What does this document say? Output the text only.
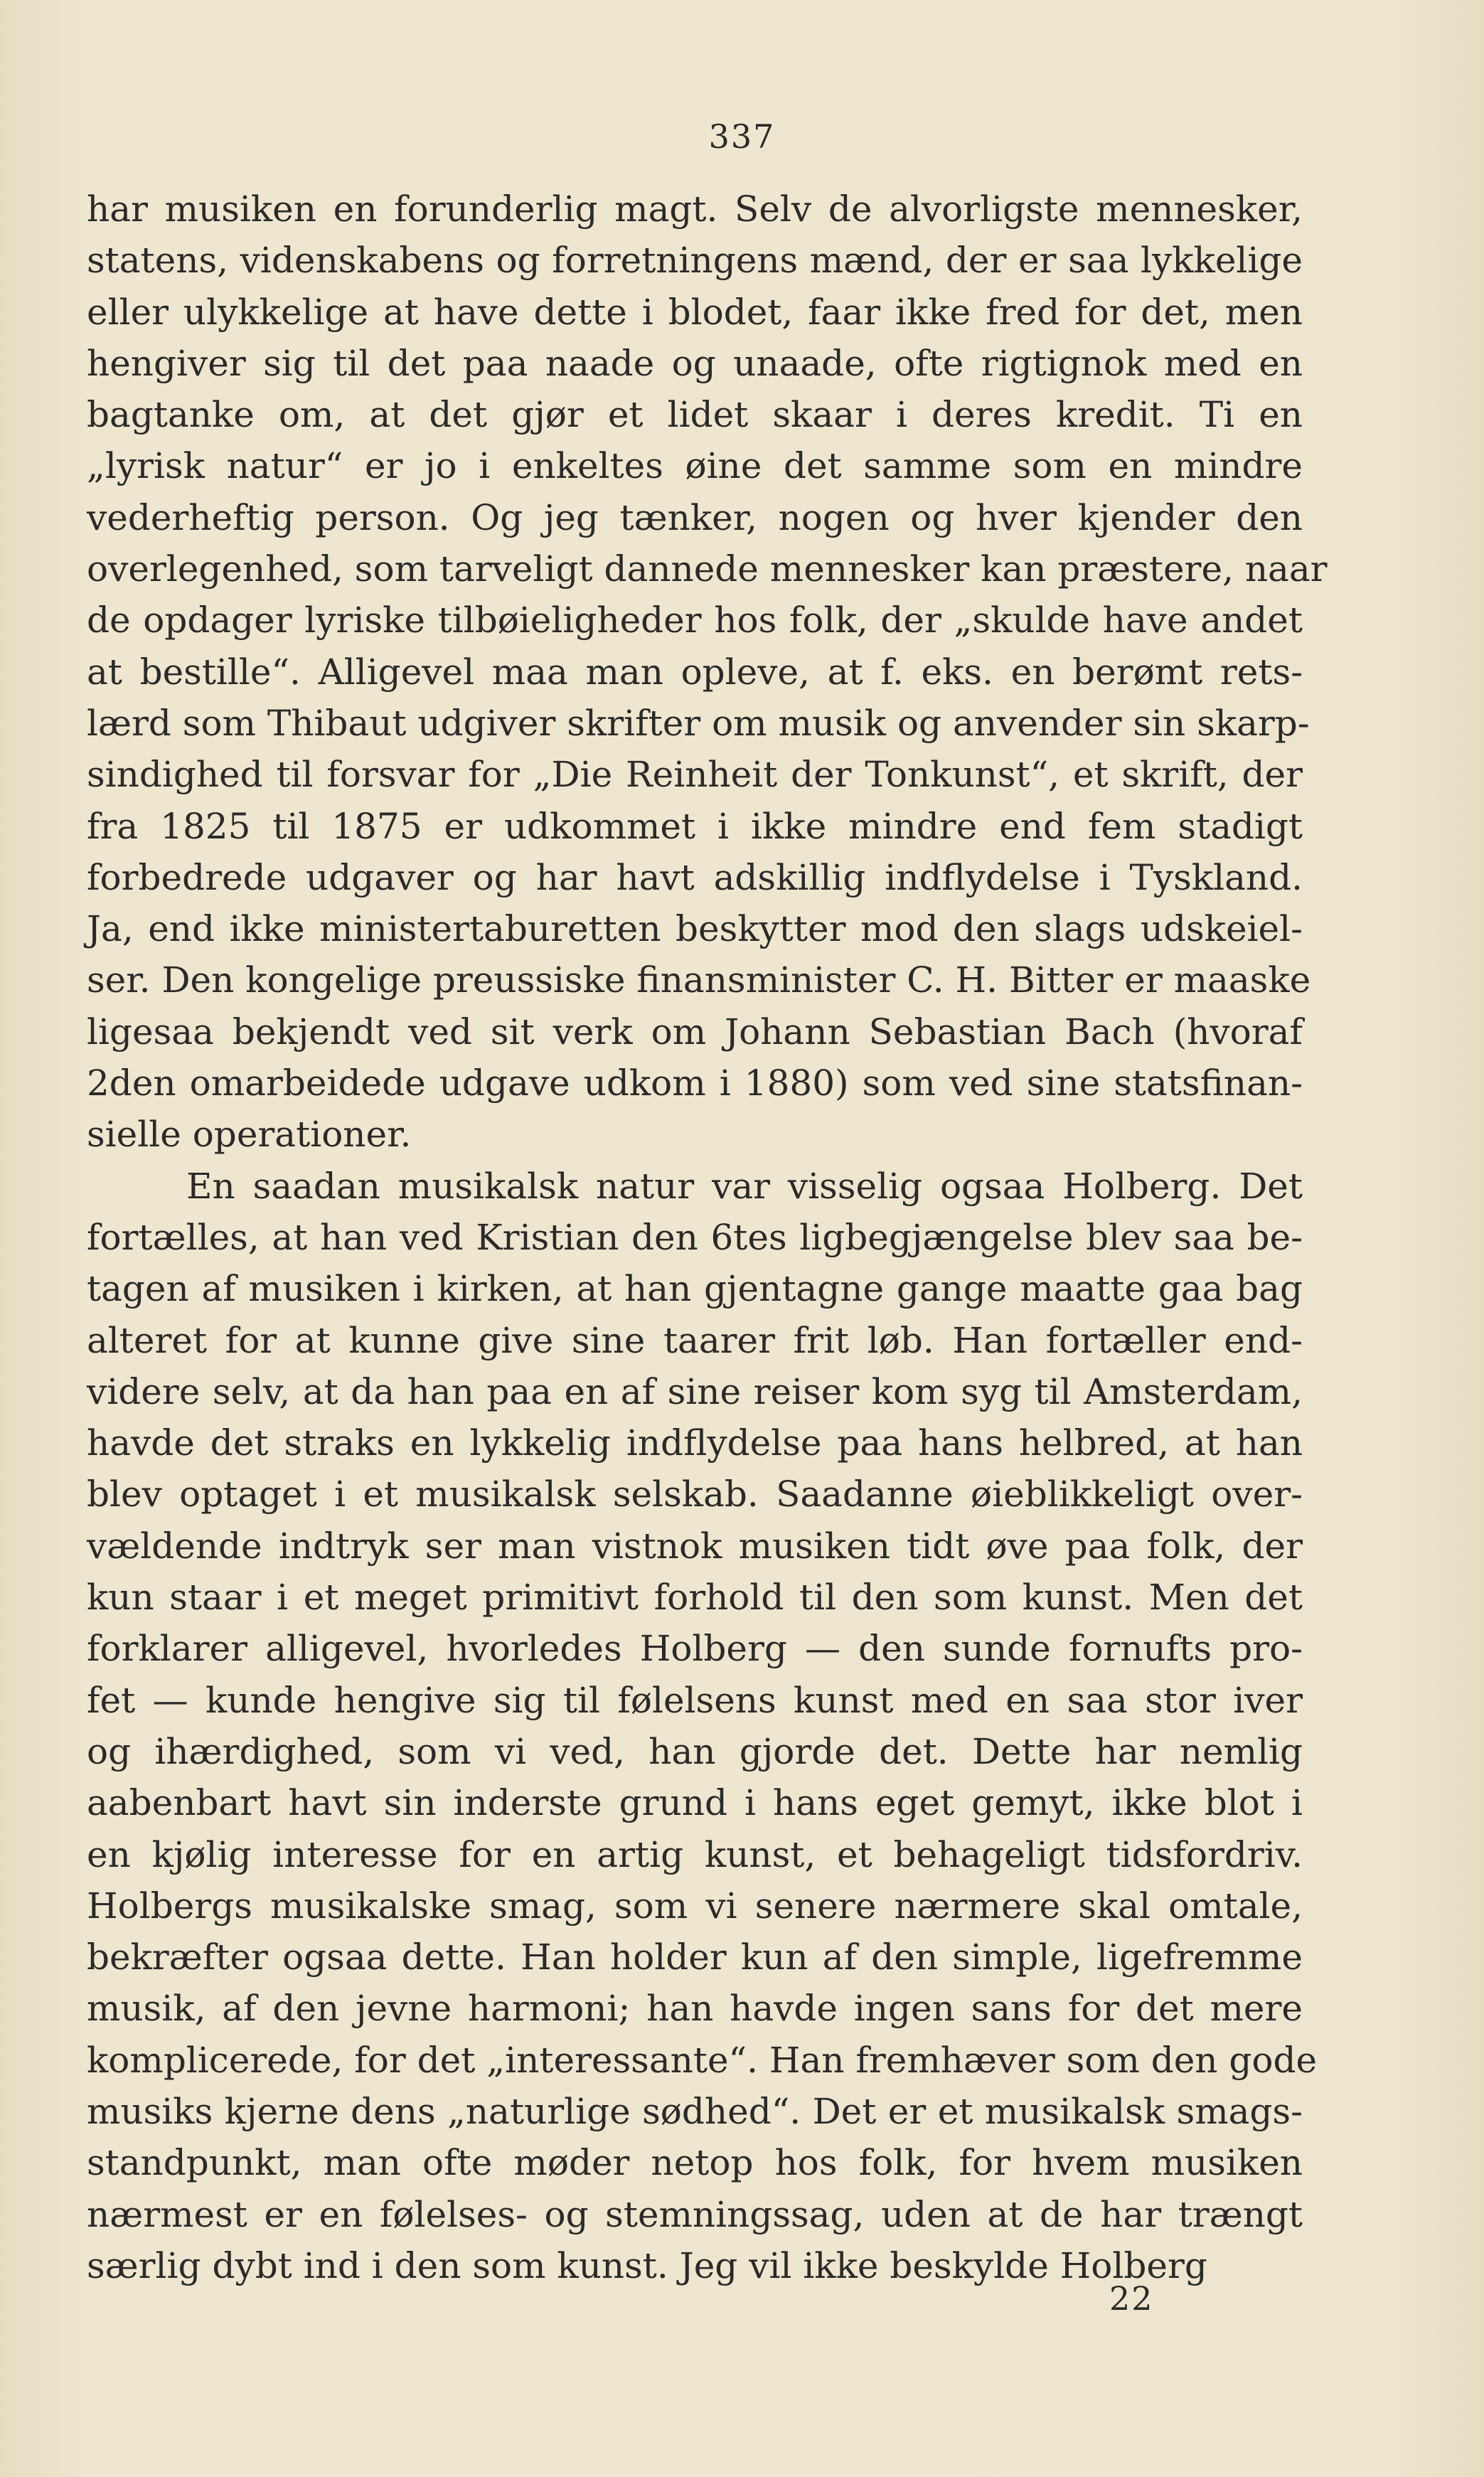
337
har musiken en forunderlig magt. Selv de alvorligste mennesker,
statens, videnskabens og forretningens mænd, der er saa lykkelige
eller ulykkelige at have dette i blodet, faar ikke fred for det, men
hengiver sig til det paa naade og unaade, ofte rigtignok med en
bagtanke om, at det gjør et lidet skaar i deres kredit. Ti en
„lyrisk natur“ er jo i enkeltes øine det samme som en mindre
vederheftig person. Og jeg tænker, nogen og hver kjender den
overlegenhed, som tarveligt dannede mennesker kan præstere, naar
de opdager lyriske tilbøieligheder hos folk, der „skulde have andet
at bestille“. Alligevel maa man opleve, at f. eks. en berømt rets-
lærd som Thibaut udgiver skrifter om musik og anvender sin skarp-
sindighed til forsvar for „Die Reinheit der Tonkunst“, et skrift, der
fra 1825 til 1875 er udkommet i ikke mindre end fem stadigt
forbedrede udgaver og har havt adskillig indflydelse i Tyskland.
Ja, end ikke ministertaburetten beskytter mod den slags udskeiel-
ser. Den kongelige preussiske finansminister C. H. Bitter er maaske
ligesaa bekjendt ved sit verk om Johann Sebastian Bach (hvoraf
2den omarbeidede udgave udkom i 1880) som ved sine statsfinan-
sielle operationer.
En saadan musikalsk natur var visselig ogsaa Holberg. Det
fortælles, at han ved Kristian den 6tes ligbegjængelse blev saa be-
tagen af musiken i kirken, at han gjentagne gange maatte gaa bag
alteret for at kunne give sine taarer frit løb. Han fortæller end-
videre selv, at da han paa en af sine reiser kom syg til Amsterdam,
havde det straks en lykkelig indflydelse paa hans helbred, at han
blev optaget i et musikalsk selskab. Saadanne øieblikkeligt over-
vældende indtryk ser man vistnok musiken tidt øve paa folk, der
kun staar i et meget primitivt forhold til den som kunst. Men det
forklarer alligevel, hvorledes Holberg — den sunde fornufts pro-
fet — kunde hengive sig til følelsens kunst med en saa stor iver
og ihærdighed, som vi ved, han gjorde det. Dette har nemlig
aabenbart havt sin inderste grund i hans eget gemyt, ikke blot i
en kjølig interesse for en artig kunst, et behageligt tidsfordriv.
Holbergs musikalske smag, som vi senere nærmere skal omtale,
bekræfter ogsaa dette. Han holder kun af den simple, ligefremme
musik, af den jevne harmoni; han havde ingen sans for det mere
komplicerede, for det „interessante“. Han fremhæver som den gode
musiks kjerne dens „naturlige sødhed“. Det er et musikalsk smags-
standpunkt, man ofte møder netop hos folk, for hvem musiken
nærmest er en følelses- og stemningssag, uden at de har trængt
særlig dybt ind i den som kunst. Jeg vil ikke beskylde Holberg
22
